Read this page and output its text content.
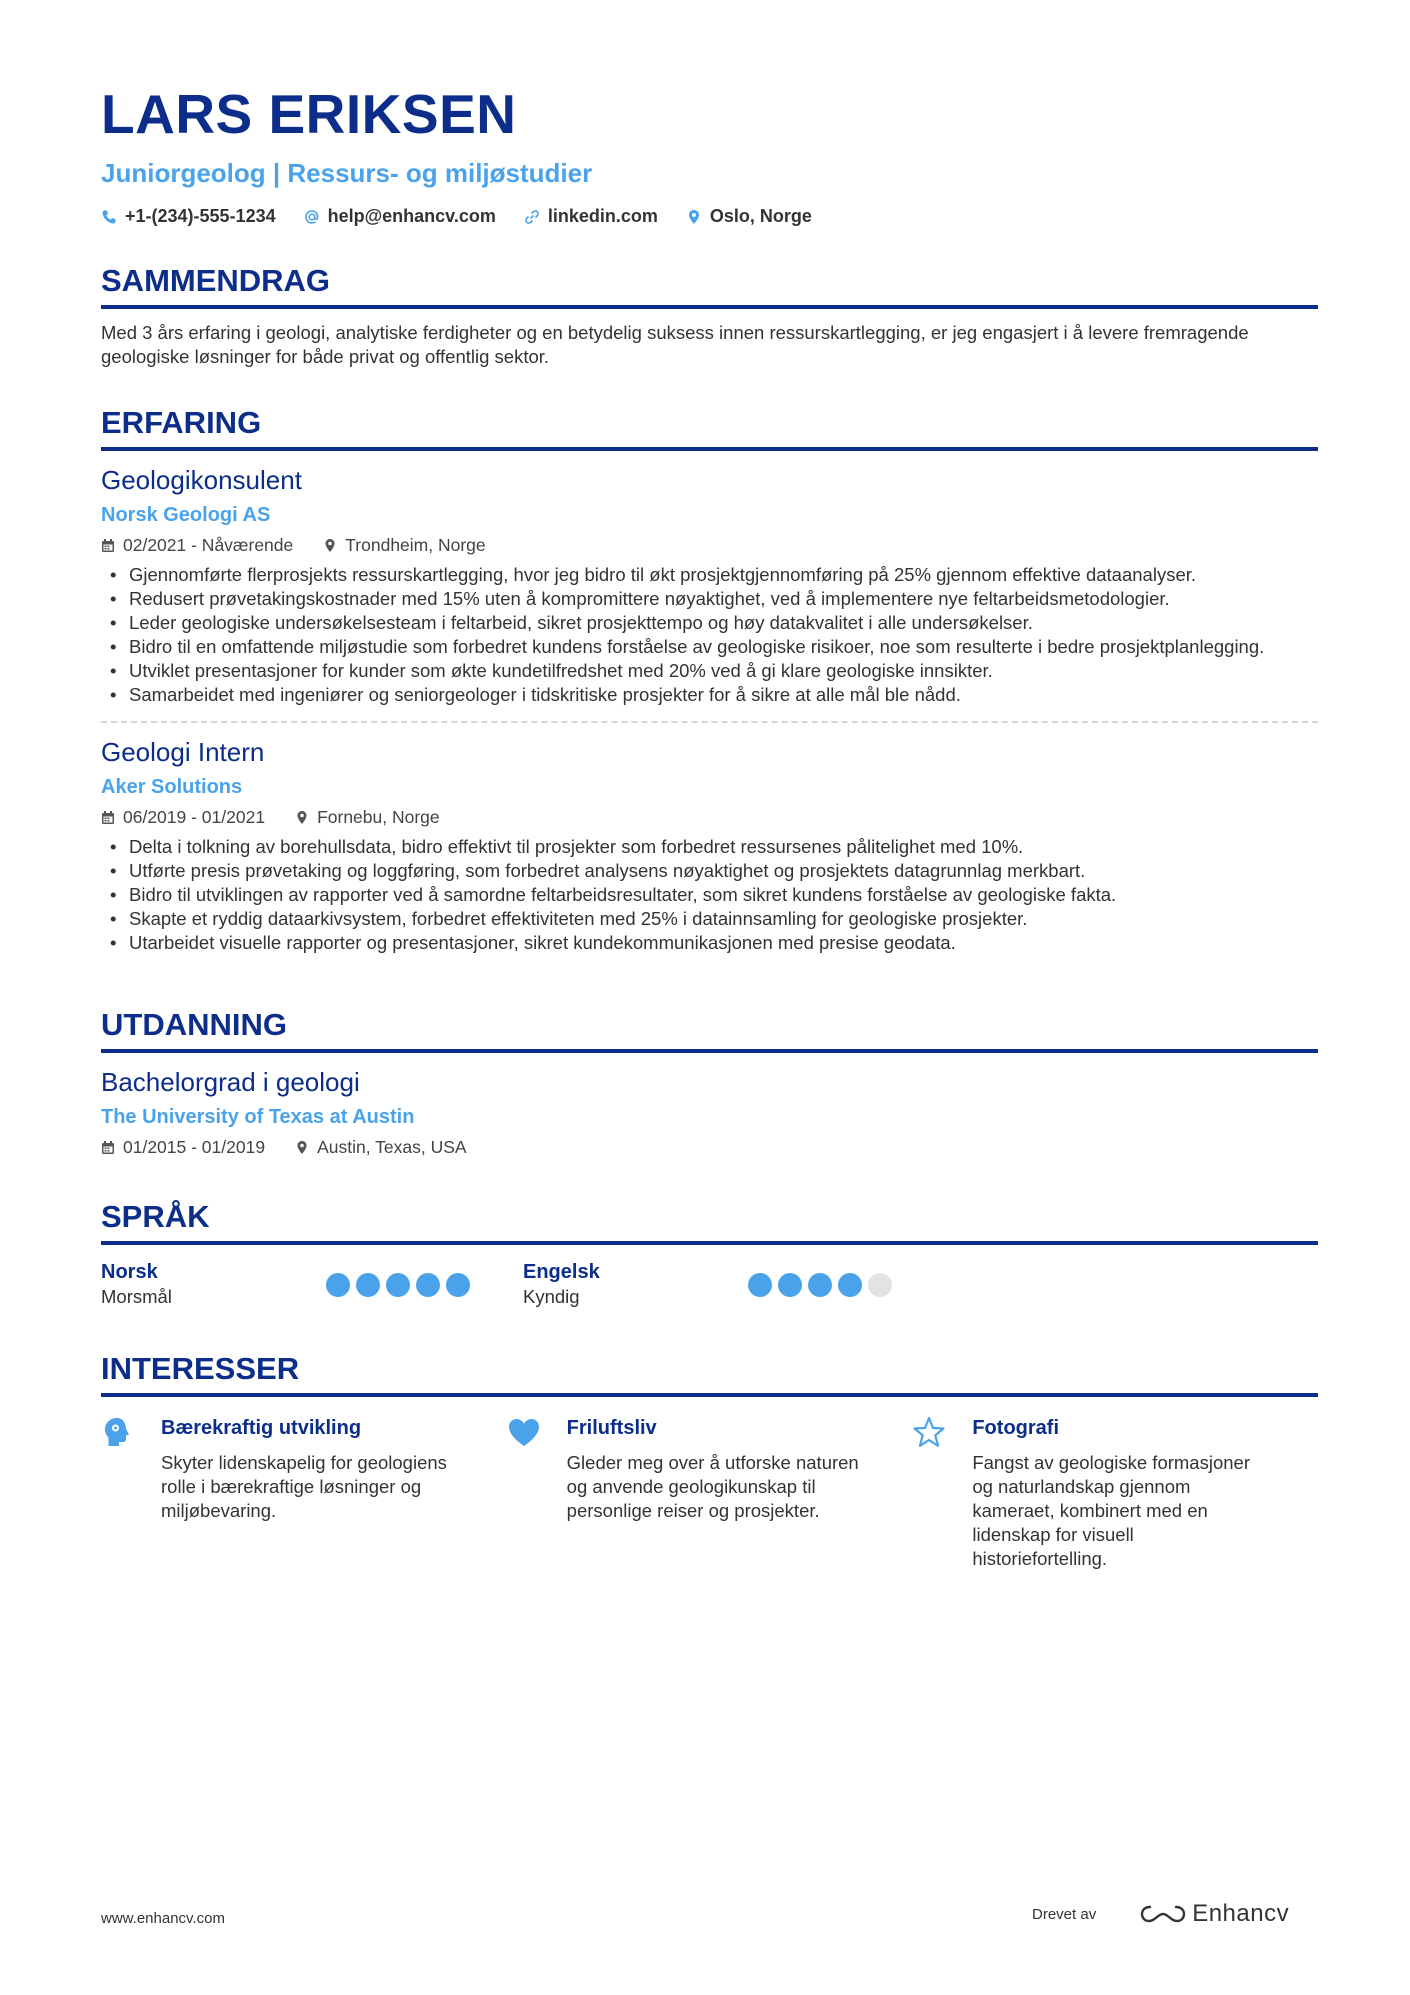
LARS ERIKSEN
Juniorgeolog | Ressurs- og miljøstudier
+1-(234)-555-1234	help@enhancv.com	linkedin.com	Oslo, Norge
SAMMENDRAG
Med 3 års erfaring i geologi, analytiske ferdigheter og en betydelig suksess innen ressurskartlegging, er jeg engasjert i å levere fremragende geologiske løsninger for både privat og offentlig sektor.
ERFARING
Geologikonsulent
Norsk Geologi AS
02/2021 - Nåværende	Trondheim, Norge
• Gjennomførte flerprosjekts ressurskartlegging, hvor jeg bidro til økt prosjektgjennomføring på 25% gjennom effektive dataanalyser.
• Redusert prøvetakingskostnader med 15% uten å kompromittere nøyaktighet, ved å implementere nye feltarbeidsmetodologier.
• Leder geologiske undersøkelsesteam i feltarbeid, sikret prosjekttempo og høy datakvalitet i alle undersøkelser.
• Bidro til en omfattende miljøstudie som forbedret kundens forståelse av geologiske risikoer, noe som resulterte i bedre prosjektplanlegging.
• Utviklet presentasjoner for kunder som økte kundetilfredshet med 20% ved å gi klare geologiske innsikter.
• Samarbeidet med ingeniører og seniorgeologer i tidskritiske prosjekter for å sikre at alle mål ble nådd.
Geologi Intern
Aker Solutions
06/2019 - 01/2021	Fornebu, Norge
• Delta i tolkning av borehullsdata, bidro effektivt til prosjekter som forbedret ressursenes pålitelighet med 10%.
• Utførte presis prøvetaking og loggføring, som forbedret analysens nøyaktighet og prosjektets datagrunnlag merkbart.
• Bidro til utviklingen av rapporter ved å samordne feltarbeidsresultater, som sikret kundens forståelse av geologiske fakta.
• Skapte et ryddig dataarkivsystem, forbedret effektiviteten med 25% i datainnsamling for geologiske prosjekter.
• Utarbeidet visuelle rapporter og presentasjoner, sikret kundekommunikasjonen med presise geodata.
UTDANNING
Bachelorgrad i geologi
The University of Texas at Austin
01/2015 - 01/2019	Austin, Texas, USA
SPRÅK
Norsk
Morsmål
Engelsk
Kyndig
INTERESSER
Bærekraftig utvikling
Skyter lidenskapelig for geologiens rolle i bærekraftige løsninger og miljøbevaring.
Friluftsliv
Gleder meg over å utforske naturen og anvende geologikunskap til personlige reiser og prosjekter.
Fotografi
Fangst av geologiske formasjoner og naturlandskap gjennom kameraet, kombinert med en lidenskap for visuell historiefortelling.
www.enhancv.com	Drevet av	Enhancv
